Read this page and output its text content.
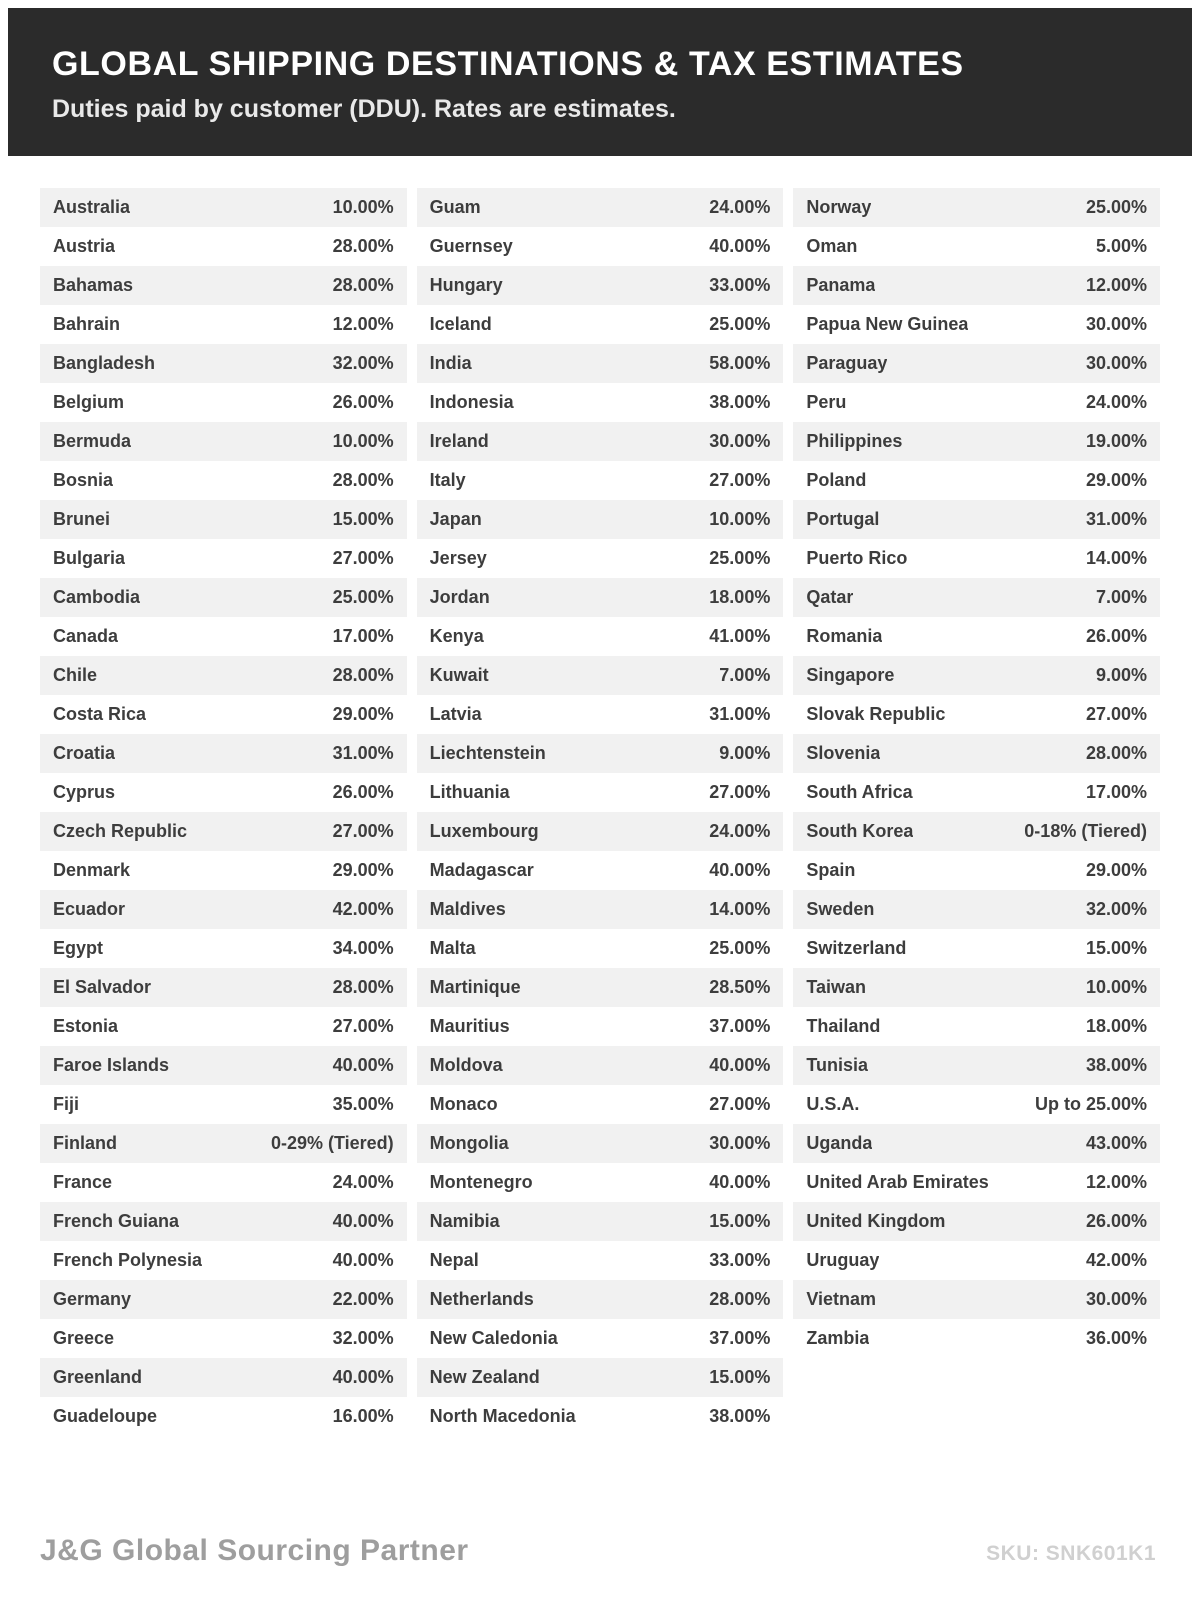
GLOBAL SHIPPING DESTINATIONS & TAX ESTIMATES
Duties paid by customer (DDU). Rates are estimates.
Australia	10.00%
Austria	28.00%
Bahamas	28.00%
Bahrain	12.00%
Bangladesh	32.00%
Belgium	26.00%
Bermuda	10.00%
Bosnia	28.00%
Brunei	15.00%
Bulgaria	27.00%
Cambodia	25.00%
Canada	17.00%
Chile	28.00%
Costa Rica	29.00%
Croatia	31.00%
Cyprus	26.00%
Czech Republic	27.00%
Denmark	29.00%
Ecuador	42.00%
Egypt	34.00%
El Salvador	28.00%
Estonia	27.00%
Faroe Islands	40.00%
Fiji	35.00%
Finland	0-29% (Tiered)
France	24.00%
French Guiana	40.00%
French Polynesia	40.00%
Germany	22.00%
Greece	32.00%
Greenland	40.00%
Guadeloupe	16.00%
Guam	24.00%
Guernsey	40.00%
Hungary	33.00%
Iceland	25.00%
India	58.00%
Indonesia	38.00%
Ireland	30.00%
Italy	27.00%
Japan	10.00%
Jersey	25.00%
Jordan	18.00%
Kenya	41.00%
Kuwait	7.00%
Latvia	31.00%
Liechtenstein	9.00%
Lithuania	27.00%
Luxembourg	24.00%
Madagascar	40.00%
Maldives	14.00%
Malta	25.00%
Martinique	28.50%
Mauritius	37.00%
Moldova	40.00%
Monaco	27.00%
Mongolia	30.00%
Montenegro	40.00%
Namibia	15.00%
Nepal	33.00%
Netherlands	28.00%
New Caledonia	37.00%
New Zealand	15.00%
North Macedonia	38.00%
Norway	25.00%
Oman	5.00%
Panama	12.00%
Papua New Guinea	30.00%
Paraguay	30.00%
Peru	24.00%
Philippines	19.00%
Poland	29.00%
Portugal	31.00%
Puerto Rico	14.00%
Qatar	7.00%
Romania	26.00%
Singapore	9.00%
Slovak Republic	27.00%
Slovenia	28.00%
South Africa	17.00%
South Korea	0-18% (Tiered)
Spain	29.00%
Sweden	32.00%
Switzerland	15.00%
Taiwan	10.00%
Thailand	18.00%
Tunisia	38.00%
U.S.A.	Up to 25.00%
Uganda	43.00%
United Arab Emirates	12.00%
United Kingdom	26.00%
Uruguay	42.00%
Vietnam	30.00%
Zambia	36.00%
J&G Global Sourcing Partner	SKU: SNK601K1
